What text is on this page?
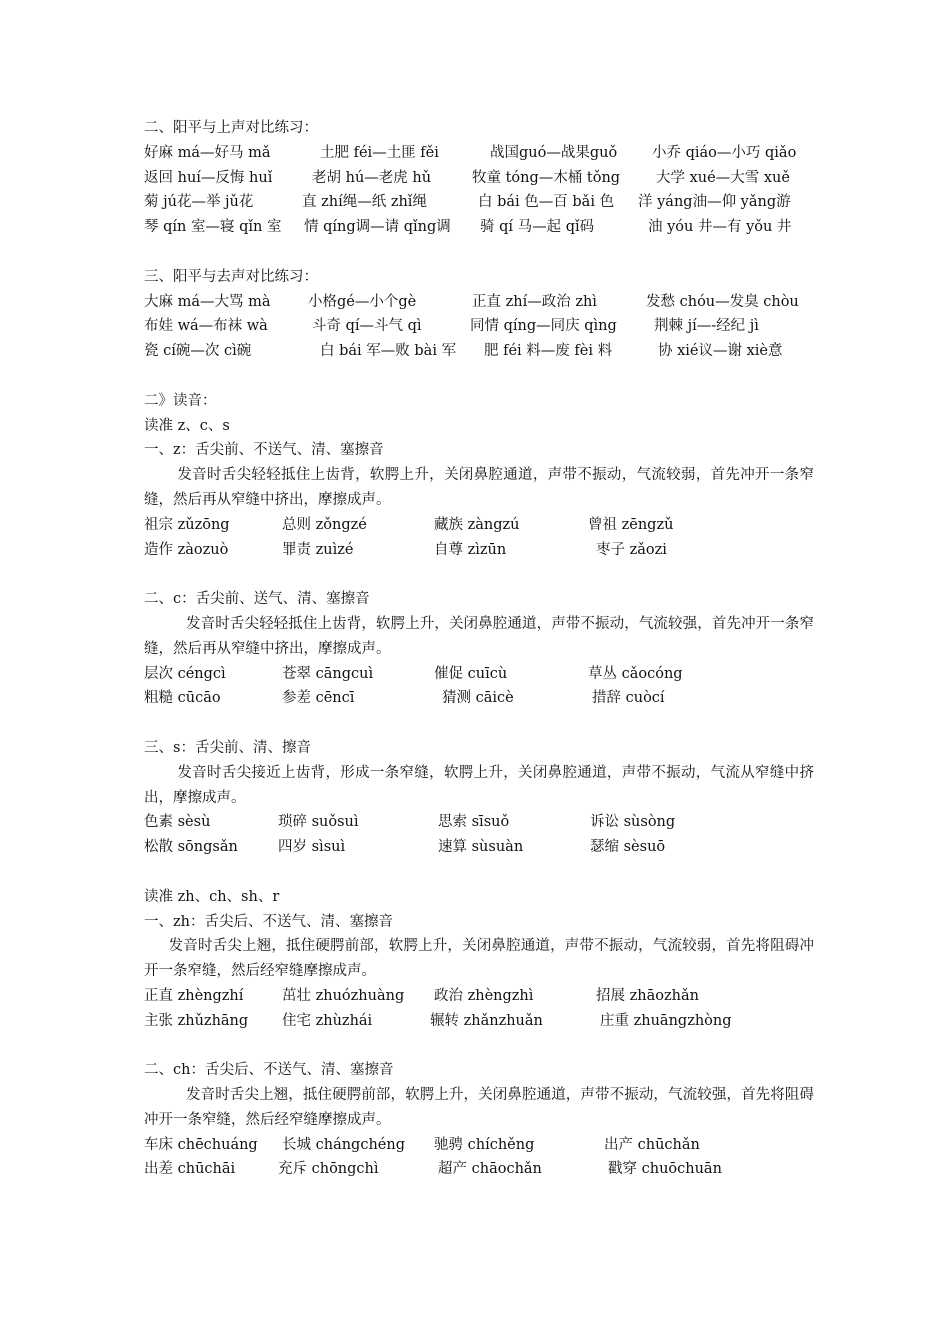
二、阳平与上声对比练习：
好麻 má—好马 mǎ	土肥 féi—土匪 fěi	战国guó—战果guǒ 小乔 qiáo—小巧 qiǎo
返回 huí—反悔 huǐ	老胡 hú—老虎 hǔ	牧童 tóng—木桶 tǒng 大学 xué—大雪 xuě
菊 jú花—举 jǔ花	直 zhí绳—纸 zhǐ绳	白 bái 色—百 bǎi 色 洋 yáng油—仰 yǎng游
琴 qín 室—寝 qǐn 室 情 qíng调—请 qǐng调 骑 qí 马—起 qǐ码	油 yóu 井—有 yǒu 井
三、阳平与去声对比练习：
大麻 má—大骂 mà	小格gé—小个gè	正直 zhí—政治 zhì	发愁 chóu—发臭 chòu
布娃 wá—布袜 wà	斗奇 qí—斗气 qì	同情 qíng—同庆 qìng	荆棘 jí—-经纪 jì
瓷 cí碗—次 cì碗	白 bái 军—败 bài 军 肥 féi 料—废 fèi 料	协 xié议—谢 xiè意
二》读音：
读准 z、c、s
一、z：舌尖前、不送气、清、塞擦音
发音时舌尖轻轻抵住上齿背，软腭上升，关闭鼻腔通道，声带不振动，气流较弱，首先冲开一条窄缝，然后再从窄缝中挤出，摩擦成声。
祖宗 zǔzōng	总则 zǒngzé	藏族 zàngzú	曾祖 zēngzǔ
造作 zàozuò	罪责 zuìzé	自尊 zìzūn	枣子 zǎozi
二、c：舌尖前、送气、清、塞擦音
发音时舌尖轻轻抵住上齿背，软腭上升，关闭鼻腔通道，声带不振动，气流较强，首先冲开一条窄缝，然后再从窄缝中挤出，摩擦成声。
层次 céngcì	苍翠 cāngcuì	催促 cuīcù	草丛 cǎocóng
粗糙 cūcāo	参差 cēncī	猜测 cāicè	措辞 cuòcí
三、s：舌尖前、清、擦音
发音时舌尖接近上齿背，形成一条窄缝，软腭上升，关闭鼻腔通道，声带不振动，气流从窄缝中挤出，摩擦成声。
色素 sèsù	琐碎 suǒsuì	思索 sīsuǒ	诉讼 sùsòng
松散 sōngsǎn	四岁 sìsuì	速算 sùsuàn	瑟缩 sèsuō
读准 zh、ch、sh、r
一、zh：舌尖后、不送气、清、塞擦音
发音时舌尖上翘，抵住硬腭前部，软腭上升，关闭鼻腔通道，声带不振动，气流较弱，首先将阻碍冲开一条窄缝，然后经窄缝摩擦成声。
正直 zhèngzhí	茁壮 zhuózhuàng 政治 zhèngzhì	招展 zhāozhǎn
主张 zhǔzhāng 住宅 zhùzhái	辗转 zhǎnzhuǎn	庄重 zhuāngzhòng
二、ch：舌尖后、不送气、清、塞擦音
发音时舌尖上翘，抵住硬腭前部，软腭上升，关闭鼻腔通道，声带不振动，气流较强，首先将阻碍冲开一条窄缝，然后经窄缝摩擦成声。
车床 chēchuáng 长城 chángchéng 驰骋 chíchěng	出产 chūchǎn
出差 chūchāi	充斥 chōngchì	超产 chāochǎn	戳穿 chuōchuān
